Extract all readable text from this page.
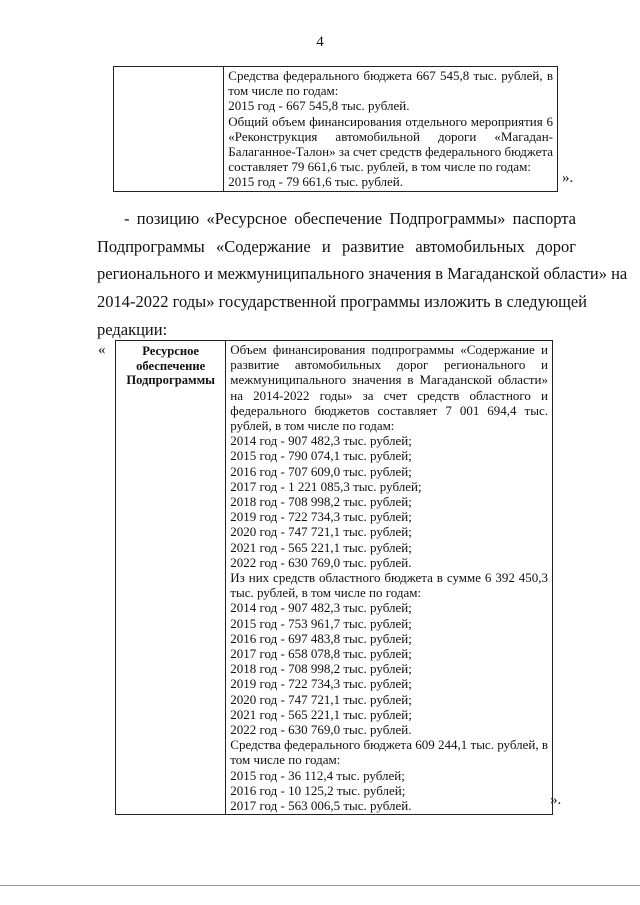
4

Средства федерального бюджета 667 545,8 тыс. рублей, в
том числе по годам:
2015 год - 667 545,8 тыс. рублей.
Общий объем финансирования отдельного мероприятия 6
«Реконструкция автомобильной дороги «Магадан-
Балаганное-Талон» за счет средств федерального бюджета
составляет 79 661,6 тыс. рублей, в том числе по годам:
2015 год - 79 661,6 тыс. рублей.	».
- позицию «Ресурсное обеспечение Подпрограммы» паспорта
Подпрограммы «Содержание и развитие автомобильных дорог
регионального и межмуниципального значения в Магаданской области» на
2014-2022 годы» государственной программы изложить в следующей
редакции:
«	Ресурсное обеспечение Подпрограммы	
Объем финансирования подпрограммы «Содержание и
развитие автомобильных дорог регионального и
межмуниципального значения в Магаданской области»
на 2014-2022 годы» за счет средств областного и
федерального бюджетов составляет 7 001 694,4 тыс.
рублей, в том числе по годам:
2014 год - 907 482,3 тыс. рублей;
2015 год - 790 074,1 тыс. рублей;
2016 год - 707 609,0 тыс. рублей;
2017 год - 1 221 085,3 тыс. рублей;
2018 год - 708 998,2 тыс. рублей;
2019 год - 722 734,3 тыс. рублей;
2020 год - 747 721,1 тыс. рублей;
2021 год - 565 221,1 тыс. рублей;
2022 год - 630 769,0 тыс. рублей.
Из них средств областного бюджета в сумме 6 392 450,3
тыс. рублей, в том числе по годам:
2014 год - 907 482,3 тыс. рублей;
2015 год - 753 961,7 тыс. рублей;
2016 год - 697 483,8 тыс. рублей;
2017 год - 658 078,8 тыс. рублей;
2018 год - 708 998,2 тыс. рублей;
2019 год - 722 734,3 тыс. рублей;
2020 год - 747 721,1 тыс. рублей;
2021 год - 565 221,1 тыс. рублей;
2022 год - 630 769,0 тыс. рублей.
Средства федерального бюджета 609 244,1 тыс. рублей, в
том числе по годам:
2015 год - 36 112,4 тыс. рублей;
2016 год - 10 125,2 тыс. рублей;
2017 год - 563 006,5 тыс. рублей.	».
